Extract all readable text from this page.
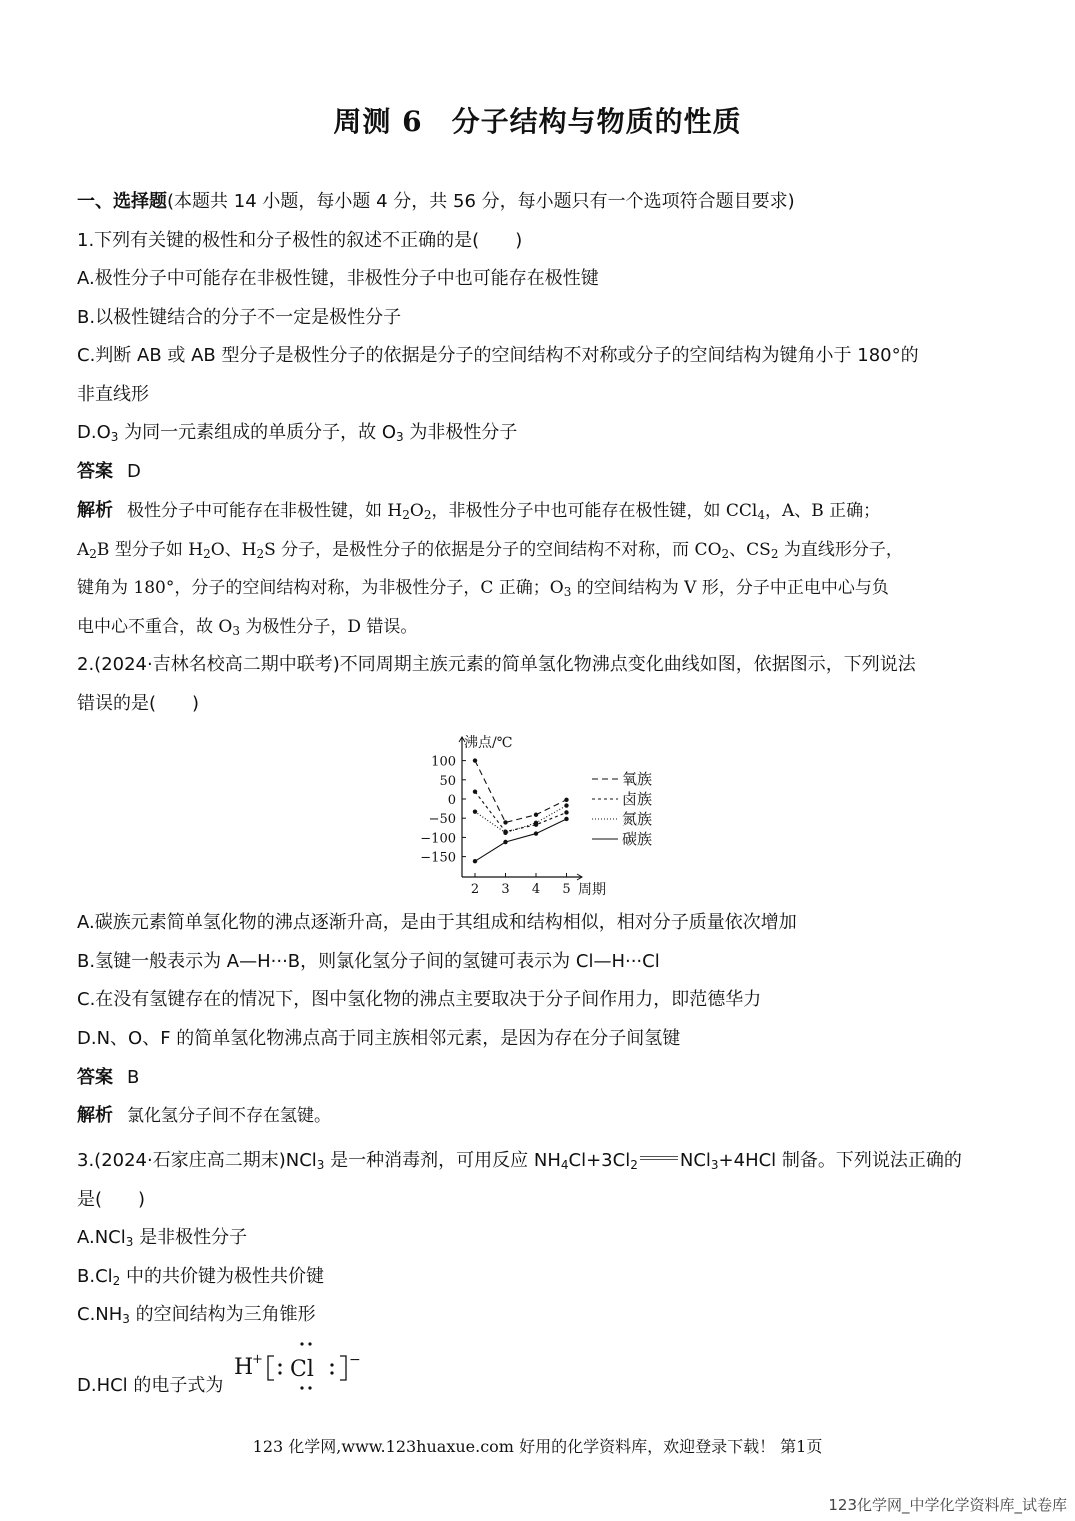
周测 6　分子结构与物质的性质
一、选择题(本题共 14 小题，每小题 4 分，共 56 分，每小题只有一个选项符合题目要求)
1.下列有关键的极性和分子极性的叙述不正确的是(　　)
A.极性分子中可能存在非极性键，非极性分子中也可能存在极性键
B.以极性键结合的分子不一定是极性分子
C.判断 AB 或 AB 型分子是极性分子的依据是分子的空间结构不对称或分子的空间结构为键角小于 180°的
非直线形
$D.O_3$ 为同一元素组成的单质分子，故 $O_3$ 为非极性分子
答案 D
解析 极性分子中可能存在非极性键，如 $H_2O_2$，非极性分子中也可能存在极性键，如 CCl$_4$，A、B 正确；
$A_2B$ 型分子如 $H_2O$、$H_2S$ 分子，是极性分子的依据是分子的空间结构不对称，而 $CO_2$、$CS_2$ 为直线形分子，
键角为 180°，分子的空间结构对称，为非极性分子，C 正确；$O_3$ 的空间结构为 V 形，分子中正电中心与负
电中心不重合，故 $O_3$ 为极性分子，D 错误。
2.(2024·吉林名校高二期中联考)不同周期主族元素的简单氢化物沸点变化曲线如图，依据图示，下列说法
错误的是(　　)
沸点/℃
周期
100
50
0
−50
−100
−150
2 3 4 5
氧族
卤族
氮族
碳族
A.碳族元素简单氢化物的沸点逐渐升高，是由于其组成和结构相似，相对分子质量依次增加
B.氢键一般表示为 A—H···B，则氯化氢分子间的氢键可表示为 Cl—H···Cl
C.在没有氢键存在的情况下，图中氢化物的沸点主要取决于分子间作用力，即范德华力
D.N、O、F 的简单氢化物沸点高于同主族相邻元素，是因为存在分子间氢键
答案 B
解析 氯化氢分子间不存在氢键。
3.(2024·石家庄高二期末)NCl$_3$ 是一种消毒剂，可用反应 $NH_4Cl+3Cl_2$ NCl$_3$+4HCl 制备。下列说法正确的
是(　　)
A.NCl$_3$ 是非极性分子
$B.Cl_2$ 中的共价键为极性共价键
$C.NH_3$ 的空间结构为三角锥形
D.HCl 的电子式为
H
+ Cl	−
123 化学网,www.123huaxue.com 好用的化学资料库，欢迎登录下载！ 第1页
123化学网_中学化学资料库_试卷库
